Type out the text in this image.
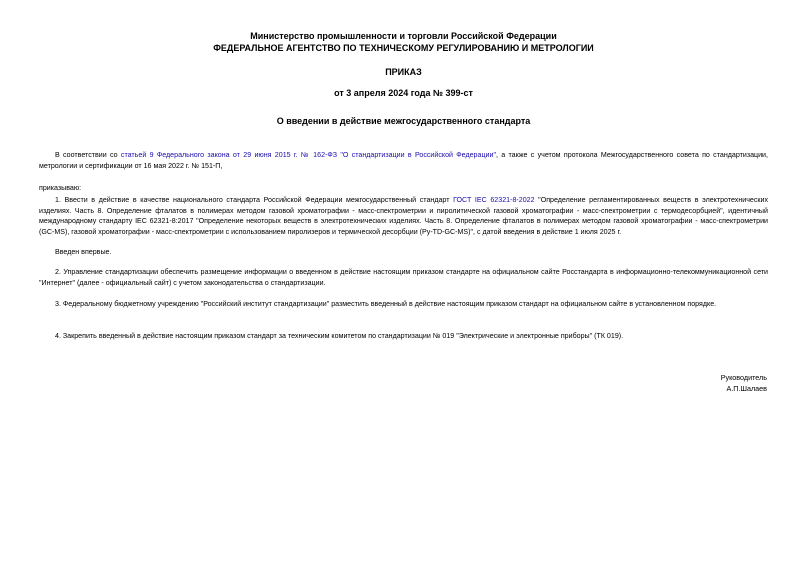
Министерство промышленности и торговли Российской Федерации
ФЕДЕРАЛЬНОЕ АГЕНТСТВО ПО ТЕХНИЧЕСКОМУ РЕГУЛИРОВАНИЮ И МЕТРОЛОГИИ
ПРИКАЗ
от 3 апреля 2024 года № 399-ст
О введении в действие межгосударственного стандарта

В соответствии со статьей 9 Федерального закона от 29 июня 2015 г. № 162-ФЗ "О стандартизации в Российской Федерации", а также с учетом протокола Межгосударственного совета по стандартизации, метрологии и сертификации от 16 мая 2022 г. № 151-П,

приказываю:

1. Ввести в действие в качестве национального стандарта Российской Федерации межгосударственный стандарт ГОСТ IEC 62321-8-2022 "Определение регламентированных веществ в электротехнических изделиях. Часть 8. Определение фталатов в полимерах методом газовой хроматографии - масс-спектрометрии и пиролитической газовой хроматографии - масс-спектрометрии с термодесорбцией", идентичный международному стандарту IEC 62321-8:2017 "Определение некоторых веществ в электротехнических изделиях. Часть 8. Определение фталатов в полимерах методом газовой хроматографии - масс-спектрометрии (GC-MS), газовой хроматографии - масс-спектрометрии с использованием пиролизеров и термической десорбции (Py-TD-GC-MS)", с датой введения в действие 1 июля 2025 г.

Введен впервые.

2. Управление стандартизации обеспечить размещение информации о введенном в действие настоящим приказом стандарте на официальном сайте Росстандарта в информационно-телекоммуникационной сети "Интернет" (далее - официальный сайт) с учетом законодательства о стандартизации.

3. Федеральному бюджетному учреждению "Российский институт стандартизации" разместить введенный в действие настоящим приказом стандарт на официальном сайте в установленном порядке.

4. Закрепить введенный в действие настоящим приказом стандарт за техническим комитетом по стандартизации № 019 "Электрические и электронные приборы" (ТК 019).

Руководитель
А.П.Шалаев
